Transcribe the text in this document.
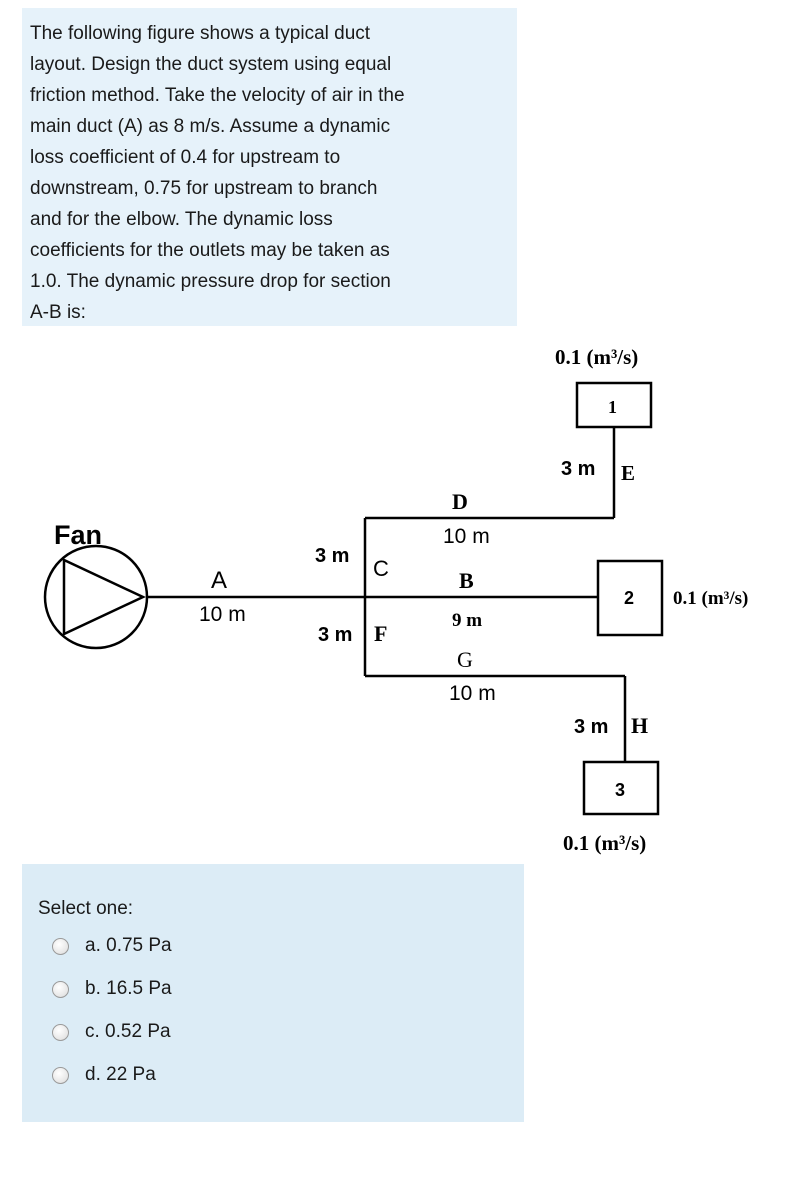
The following figure shows a typical duct
layout. Design the duct system using equal
friction method. Take the velocity of air in the
main duct (A) as 8 m/s. Assume a dynamic
loss coefficient of 0.4 for upstream to
downstream, 0.75 for upstream to branch
and for the elbow. The dynamic loss
coefficients for the outlets may be taken as
1.0. The dynamic pressure drop for section
A-B is:
Fan
A
10 m
3 m C
D
10 m
B
9 m
3 m F
G
10 m
3 m E
3 m H
0.1 (m³/s)
1
2 0.1 (m³/s)
3
0.1 (m³/s)
Select one:
a. 0.75 Pa
b. 16.5 Pa
c. 0.52 Pa
d. 22 Pa
